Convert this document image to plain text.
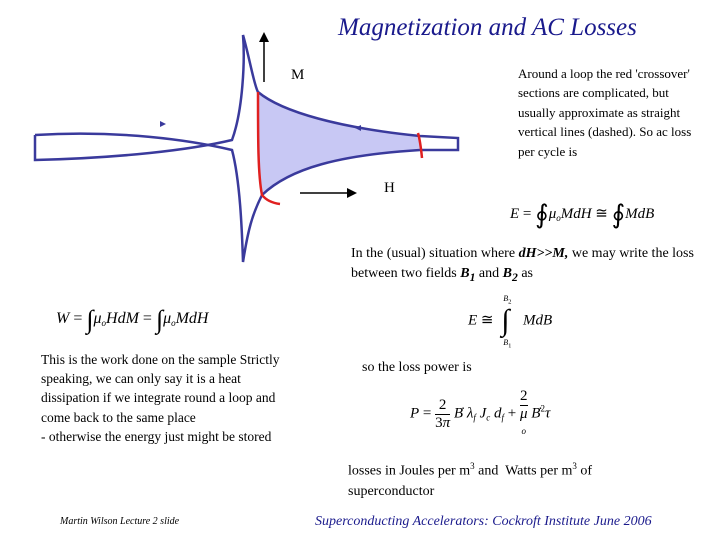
Magnetization and AC Losses
M
H
Around a loop the red 'crossover' sections are complicated, but usually approximate as straight vertical lines (dashed). So ac loss per cycle is
$E = ∮\mu_oMdH$ ≅ ∮MdB
In the (usual) situation where dH>>M, we may write the loss between two fields $B_1$ and $B_2$ as
E ≅
$B_2$
∫
$B_1$
MdB
$W = \int\mu_oHdM = \int\mu_oMdH$
This is the work done on the sample Strictly speaking, we can only say it is a heat dissipation if we integrate round a loop and come back to the same place
- otherwise the energy just might be stored
so the loss power is
$P = \frac{2}{3\pi}$ Ḃ $\lambda_f$ $J_c$ $d_f + 2$
μ
o $B^2\tau$
losses in Joules per $m^3$ and  Watts per $m^3$ of superconductor
Martin Wilson Lecture 2 slide	Superconducting Accelerators: Cockroft Institute June 2006
